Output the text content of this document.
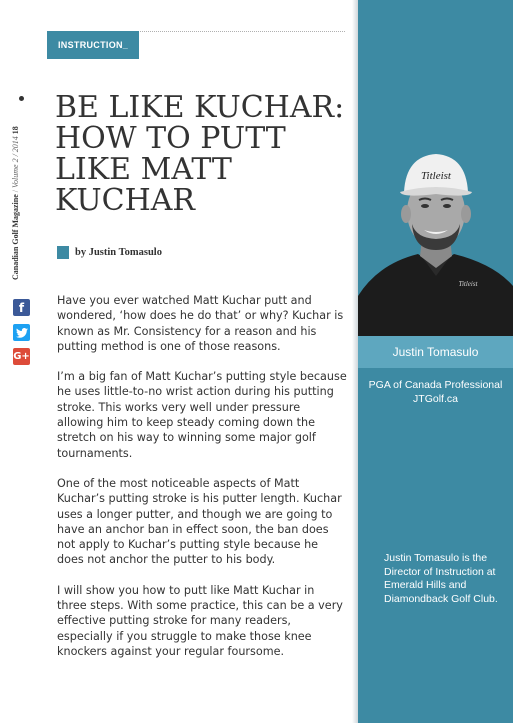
INSTRUCTION_
Canadian Golf Magazine / Volume 2 / 2014 18
f
G+
BE LIKE KUCHAR:
HOW TO PUTT
LIKE MATT
KUCHAR
by Justin Tomasulo

Have you ever watched Matt Kuchar putt and wondered, ‘how does he do that’ or why? Kuchar is known as Mr. Consistency for a reason and his putting method is one of those reasons.

I’m a big fan of Matt Kuchar’s putting style because he uses little-to-no wrist action during his putting stroke. This works very well under pressure allowing him to keep steady coming down the stretch on his way to winning some major golf tournaments.

One of the most noticeable aspects of Matt Kuchar’s putting stroke is his putter length. Kuchar uses a longer putter, and though we are going to have an anchor ban in effect soon, the ban does not apply to Kuchar’s putting style because he does not anchor the putter to his body.

I will show you how to putt like Matt Kuchar in three steps. With some practice, this can be a very effective putting stroke for many readers, especially if you struggle to make those knee knockers against your regular foursome.

Titleist
Titleist
Justin Tomasulo
PGA of Canada Professional
JTGolf.ca
Justin Tomasulo is the Director of Instruction at Emerald Hills and Diamondback Golf Club.
